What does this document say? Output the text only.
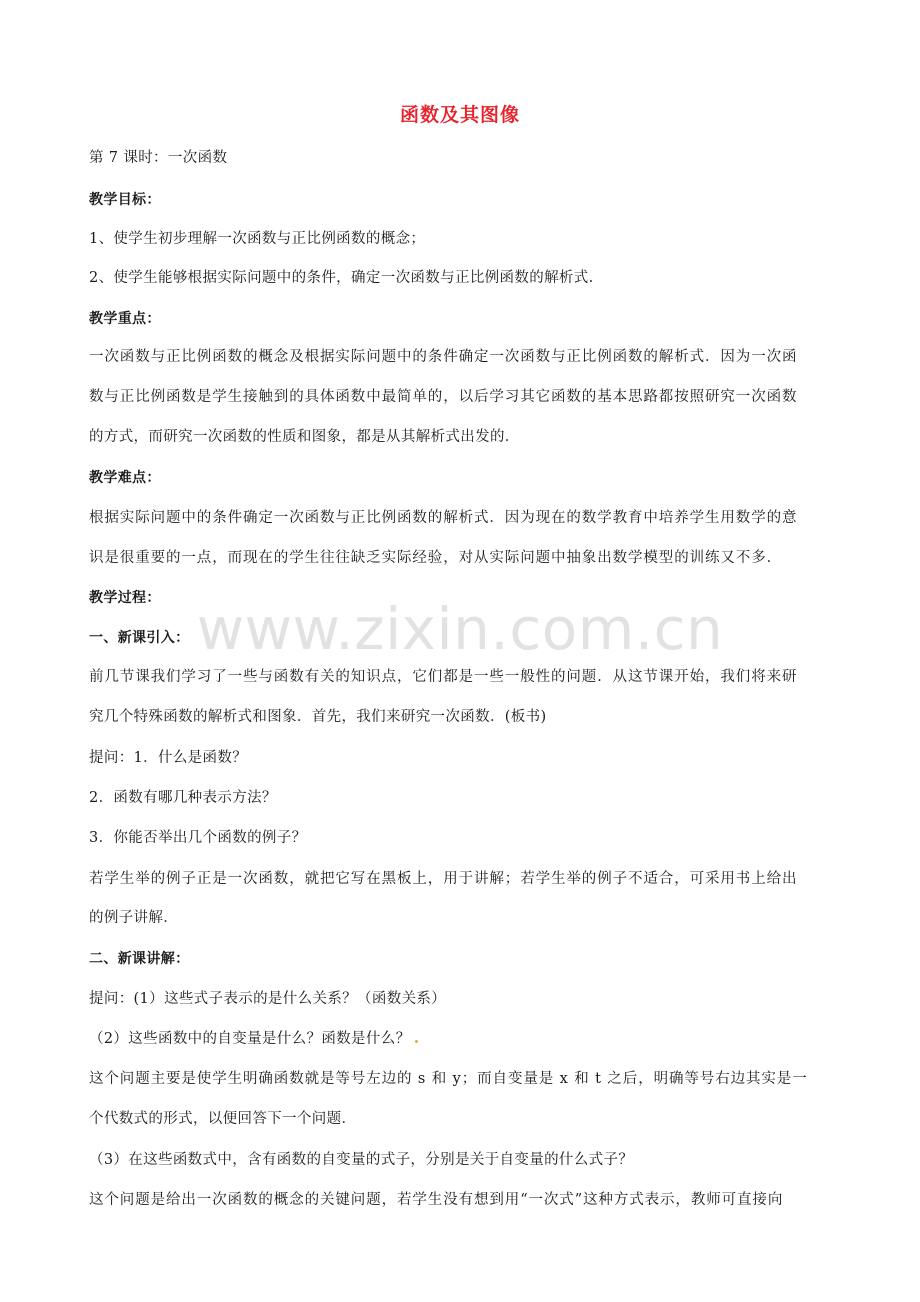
函数及其图像
www.zixin.com.cn
第 7 课时：一次函数
教学目标：
1、使学生初步理解一次函数与正比例函数的概念；
2、使学生能够根据实际问题中的条件，确定一次函数与正比例函数的解析式.
教学重点：
一次函数与正比例函数的概念及根据实际问题中的条件确定一次函数与正比例函数的解析式．因为一次函
数与正比例函数是学生接触到的具体函数中最简单的，以后学习其它函数的基本思路都按照研究一次函数
的方式，而研究一次函数的性质和图象，都是从其解析式出发的．
教学难点：
根据实际问题中的条件确定一次函数与正比例函数的解析式．因为现在的数学教育中培养学生用数学的意
识是很重要的一点，而现在的学生往往缺乏实际经验，对从实际问题中抽象出数学模型的训练又不多．
教学过程：
一、新课引入：
前几节课我们学习了一些与函数有关的知识点，它们都是一些一般性的问题．从这节课开始，我们将来研
究几个特殊函数的解析式和图象．首先，我们来研究一次函数．(板书)
提问：1．什么是函数？
2．函数有哪几种表示方法？
3．你能否举出几个函数的例子？
若学生举的例子正是一次函数，就把它写在黑板上，用于讲解；若学生举的例子不适合，可采用书上给出
的例子讲解．
二、新课讲解：
提问：(1）这些式子表示的是什么关系？（函数关系）
（2）这些函数中的自变量是什么？函数是什么？
这个问题主要是使学生明确函数就是等号左边的 s 和 y；而自变量是 x 和 t 之后，明确等号右边其实是一
个代数式的形式，以便回答下一个问题．
（3）在这些函数式中，含有函数的自变量的式子，分别是关于自变量的什么式子？
这个问题是给出一次函数的概念的关键问题，若学生没有想到用“一次式”这种方式表示，教师可直接向
